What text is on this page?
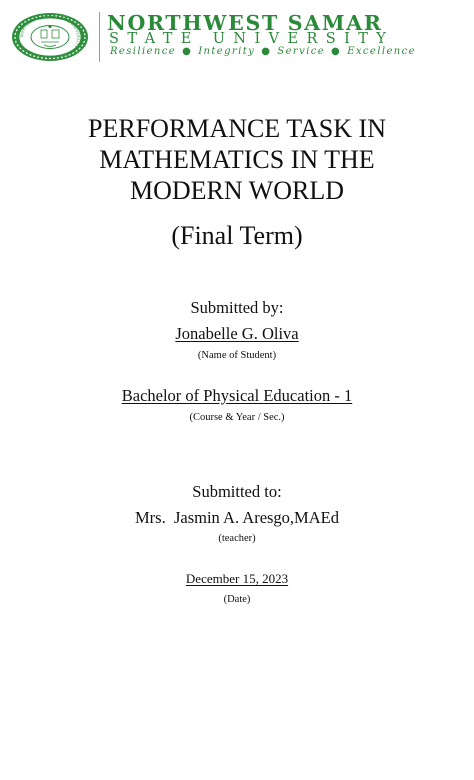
NORTHWEST SAMAR STATE UNIVERSITY
NORTHWEST SAMAR
STATE UNIVERSITY
Resilience ● Integrity ● Service ● Excellence
PERFORMANCE TASK IN
MATHEMATICS IN THE
MODERN WORLD
(Final Term)
Submitted by:
Jonabelle G. Oliva
(Name of Student)
Bachelor of Physical Education - 1
(Course & Year / Sec.)
Submitted to:
Mrs.  Jasmin A. Aresgo,MAEd
(teacher)
December 15, 2023
(Date)
